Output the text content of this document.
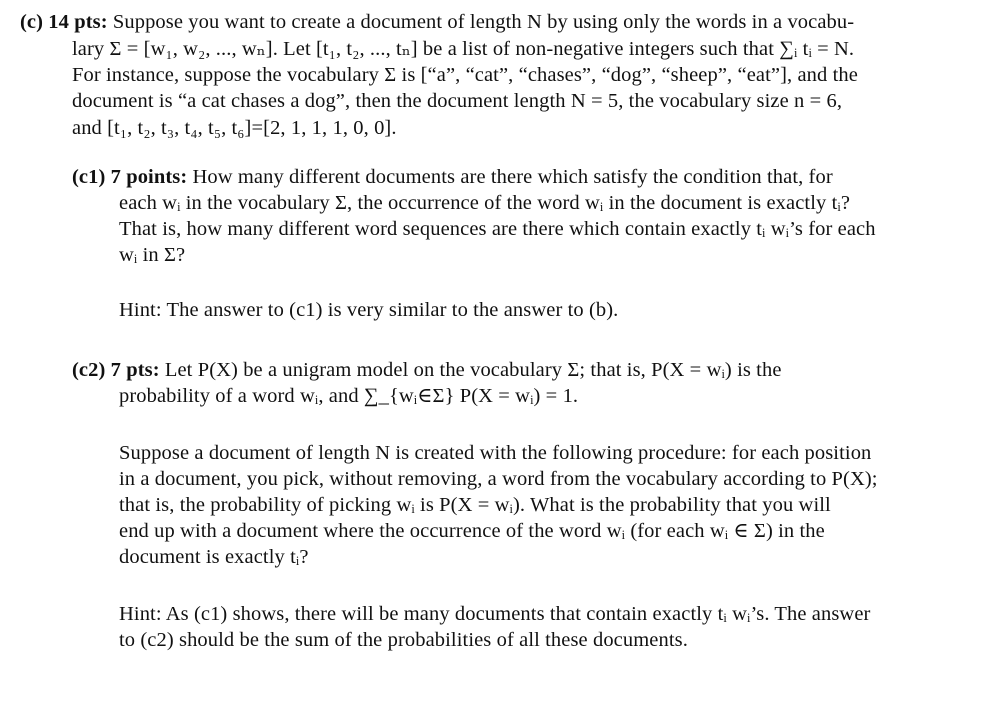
(c) 14 pts: Suppose you want to create a document of length N by using only the words in a vocabu-
lary Σ = [w₁, w₂, ..., wₙ]. Let [t₁, t₂, ..., tₙ] be a list of non-negative integers such that ∑ᵢ tᵢ = N.
For instance, suppose the vocabulary Σ is [“a”, “cat”, “chases”, “dog”, “sheep”, “eat”], and the
document is “a cat chases a dog”, then the document length N = 5, the vocabulary size n = 6,
and [t₁, t₂, t₃, t₄, t₅, t₆]=[2, 1, 1, 1, 0, 0].
(c1) 7 points: How many different documents are there which satisfy the condition that, for
each wᵢ in the vocabulary Σ, the occurrence of the word wᵢ in the document is exactly tᵢ?
That is, how many different word sequences are there which contain exactly tᵢ wᵢ’s for each
wᵢ in Σ?
Hint: The answer to (c1) is very similar to the answer to (b).
(c2) 7 pts: Let P(X) be a unigram model on the vocabulary Σ; that is, P(X = wᵢ) is the
probability of a word wᵢ, and ∑_{wᵢ∈Σ} P(X = wᵢ) = 1.
Suppose a document of length N is created with the following procedure: for each position
in a document, you pick, without removing, a word from the vocabulary according to P(X);
that is, the probability of picking wᵢ is P(X = wᵢ). What is the probability that you will
end up with a document where the occurrence of the word wᵢ (for each wᵢ ∈ Σ) in the
document is exactly tᵢ?
Hint: As (c1) shows, there will be many documents that contain exactly tᵢ wᵢ’s. The answer
to (c2) should be the sum of the probabilities of all these documents.
